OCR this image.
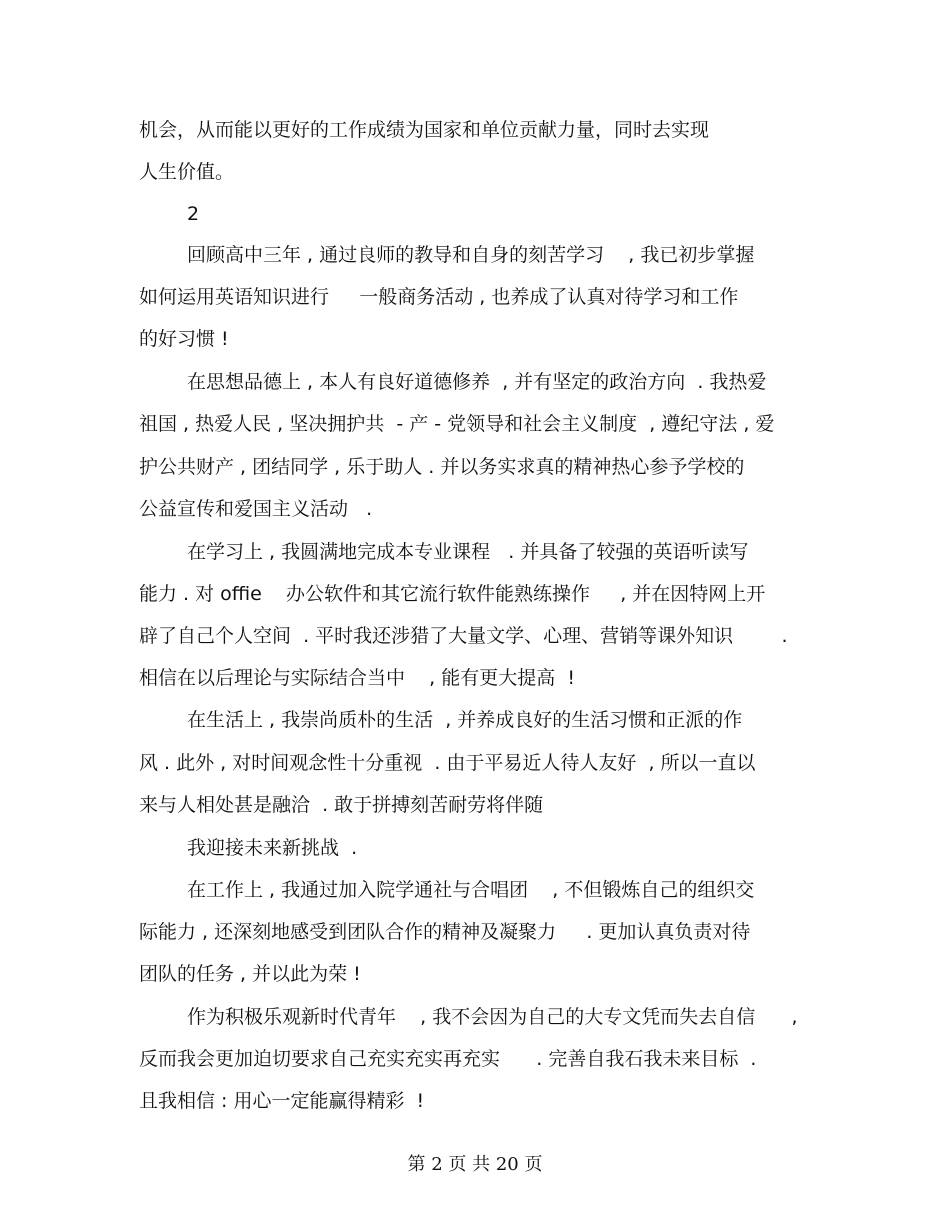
机会，从而能以更好的工作成绩为国家和单位贡献力量，同时去实现
人生价值。
2
回顾高中三年 , 通过良师的教导和自身的刻苦学习    , 我已初步掌握
如何运用英语知识进行     一般商务活动 , 也养成了认真对待学习和工作
的好习惯 !
在思想品德上 , 本人有良好道德修养  , 并有坚定的政治方向  . 我热爱
祖国 , 热爱人民 , 坚决拥护共  - 产 - 党领导和社会主义制度  , 遵纪守法 , 爱
护公共财产 , 团结同学 , 乐于助人 . 并以务实求真的精神热心参予学校的
公益宣传和爱国主义活动   .
在学习上 , 我圆满地完成本专业课程   . 并具备了较强的英语听读写
能力 . 对 offie    办公软件和其它流行软件能熟练操作     , 并在因特网上开
辟了自己个人空间  . 平时我还涉猎了大量文学、心理、营销等课外知识        .
相信在以后理论与实际结合当中    , 能有更大提高  !
在生活上 , 我崇尚质朴的生活  , 并养成良好的生活习惯和正派的作
风 . 此外 , 对时间观念性十分重视  . 由于平易近人待人友好  , 所以一直以
来与人相处甚是融洽  . 敢于拼搏刻苦耐劳将伴随
我迎接未来新挑战  .
在工作上 , 我通过加入院学通社与合唱团    , 不但锻炼自己的组织交
际能力 , 还深刻地感受到团队合作的精神及凝聚力     . 更加认真负责对待
团队的任务 , 并以此为荣 !
作为积极乐观新时代青年    , 我不会因为自己的大专文凭而失去自信      ,
反而我会更加迫切要求自己充实充实再充实      . 完善自我石我未来目标  .
且我相信 : 用心一定能赢得精彩  !
第 2 页 共 20 页
